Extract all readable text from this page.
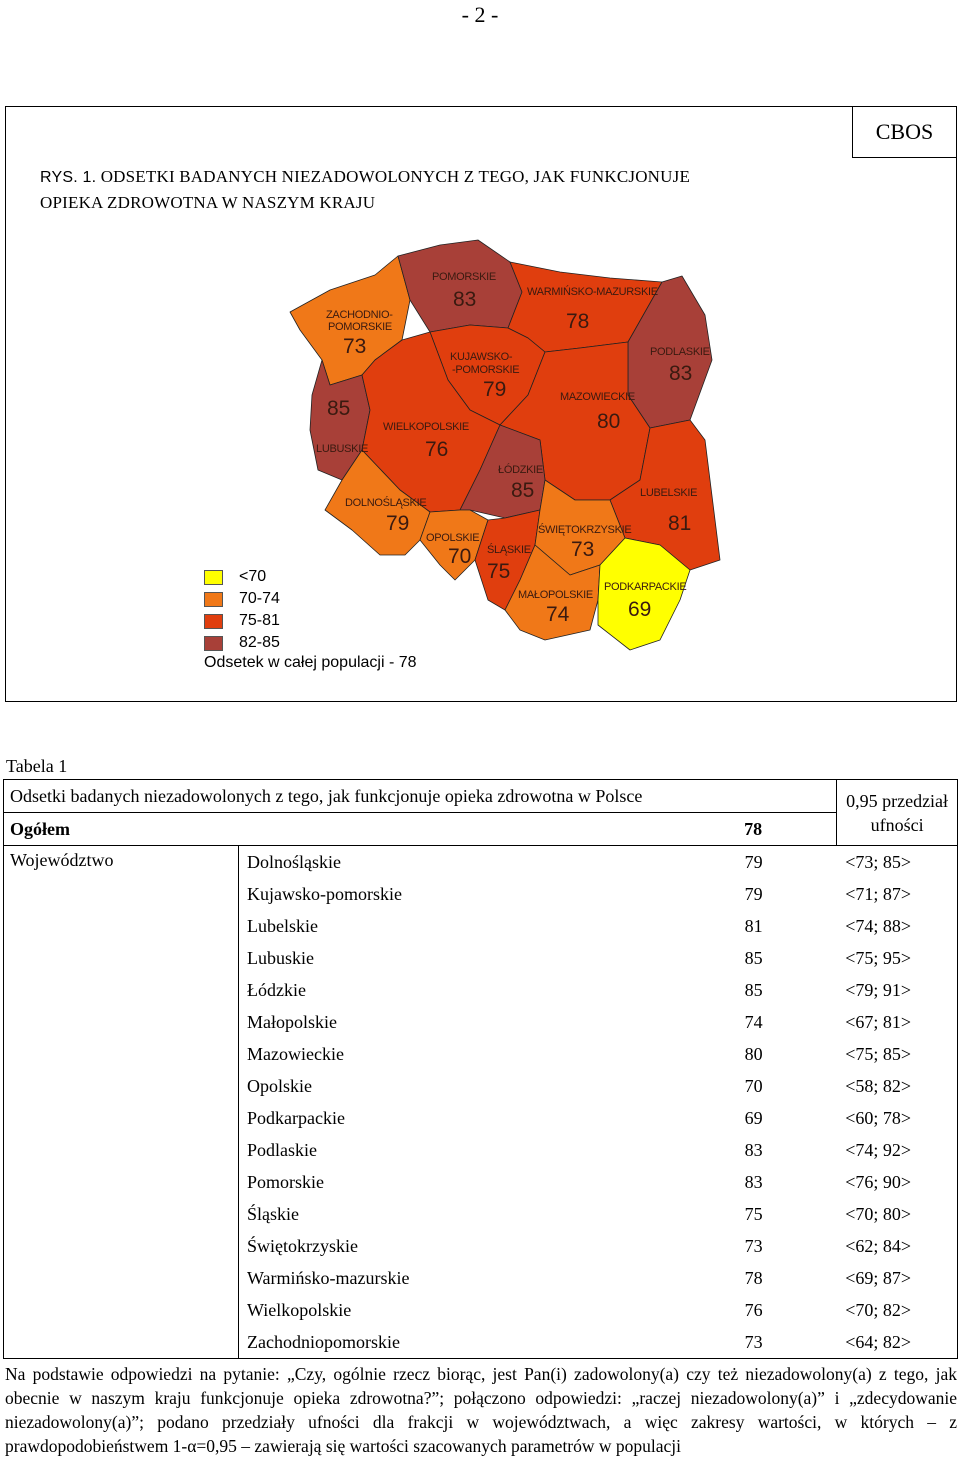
- 2 -
CBOS
RYS. 1. ODSETKI BADANYCH NIEZADOWOLONYCH Z TEGO, JAK FUNKCJONUJE
OPIEKA ZDROWOTNA W NASZYM KRAJU
ZACHODNIO-
POMORSKIE
73
POMORSKIE
83	WARMIŃSKO-MAZURSKIE
78
PODLASKIE
83
KUJAWSKO-
-POMORSKIE
79	MAZOWIECKIE
80
85
LUBUSKIE
WIELKOPOLSKIE
76
ŁÓDZKIE
85	LUBELSKIE
81
DOLNOŚLĄSKIE
79
OPOLSKIE
70 ŚLĄSKIE
75
ŚWIĘTOKRZYSKIE
73
MAŁOPOLSKIE
74
PODKARPACKIE
69
<70
70-74
75-81
82-85
Odsetek w całej populacji - 78
Tabela 1
Odsetki badanych niezadowolonych z tego, jak funkcjonuje opieka zdrowotna w Polsce			0,95 przedział
ufności
Ogółem		78	
Województwo	Dolnośląskie	79	<73; 85>
	Kujawsko-pomorskie	79	<71; 87>
	Lubelskie	81	<74; 88>
	Lubuskie	85	<75; 95>
	Łódzkie	85	<79; 91>
	Małopolskie	74	<67; 81>
	Mazowieckie	80	<75; 85>
	Opolskie	70	<58; 82>
	Podkarpackie	69	<60; 78>
	Podlaskie	83	<74; 92>
	Pomorskie	83	<76; 90>
	Śląskie	75	<70; 80>
	Świętokrzyskie	73	<62; 84>
	Warmińsko-mazurskie	78	<69; 87>
	Wielkopolskie	76	<70; 82>
	Zachodniopomorskie	73	<64; 82>
Na podstawie odpowiedzi na pytanie: „Czy, ogólnie rzecz biorąc, jest Pan(i) zadowolony(a) czy też niezadowolony(a) z tego, jak obecnie w naszym kraju funkcjonuje opieka zdrowotna?”; połączono odpowiedzi: „raczej niezadowolony(a)” i „zdecydowanie niezadowolony(a)”; podano przedziały ufności dla frakcji w województwach, a więc zakresy wartości, w których – z prawdopodobieństwem 1-α=0,95 – zawierają się wartości szacowanych parametrów w populacji
